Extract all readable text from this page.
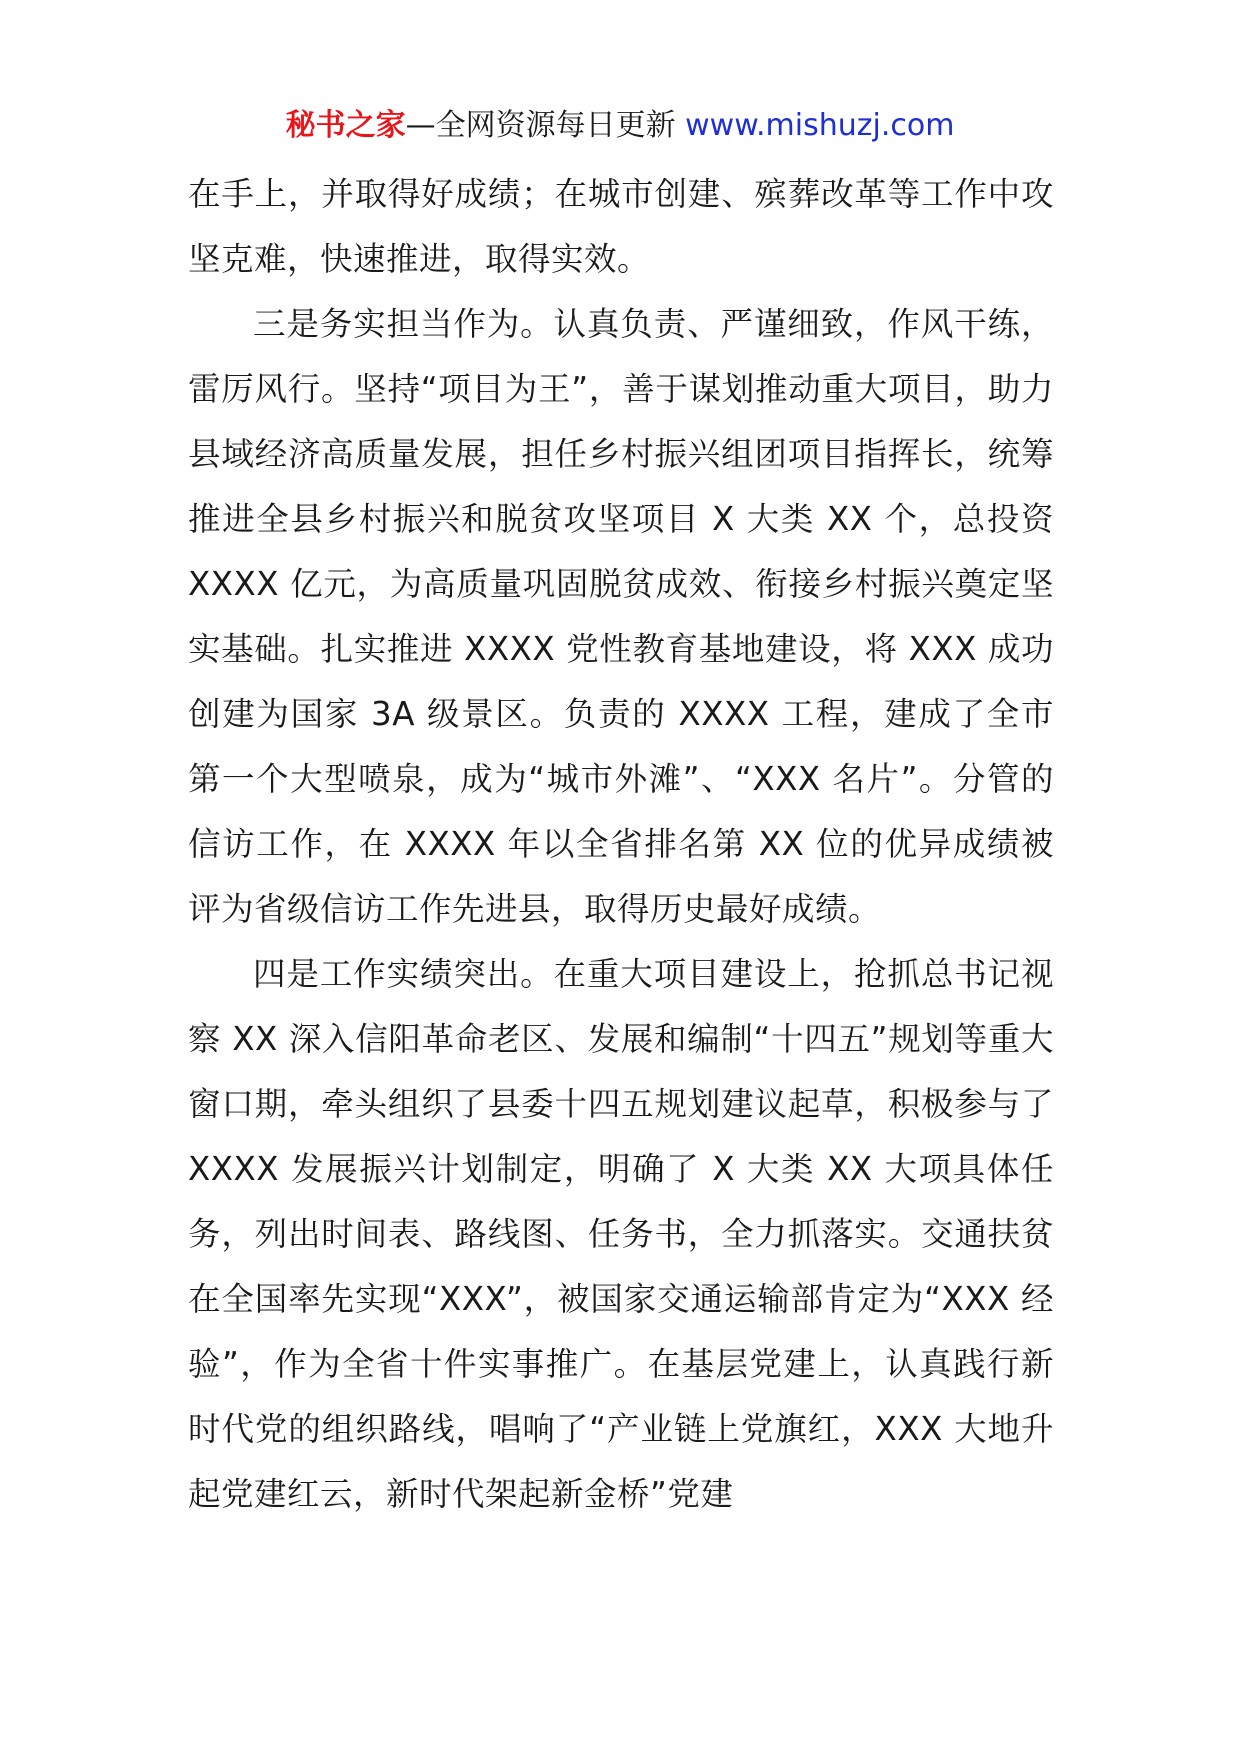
秘书之家—全网资源每日更新 www.mishuzj.com

在手上，并取得好成绩；在城市创建、殡葬改革等工作中攻坚克难，快速推进，取得实效。

三是务实担当作为。认真负责、严谨细致，作风干练，雷厉风行。坚持“项目为王”，善于谋划推动重大项目，助力县域经济高质量发展，担任乡村振兴组团项目指挥长，统筹推进全县乡村振兴和脱贫攻坚项目 X 大类 XX 个，总投资 XXXX 亿元，为高质量巩固脱贫成效、衔接乡村振兴奠定坚实基础。扎实推进 XXXX 党性教育基地建设，将 XXX 成功创建为国家 3A 级景区。负责的 XXXX 工程，建成了全市第一个大型喷泉，成为“城市外滩”、“XXX 名片”。分管的信访工作，在 XXXX 年以全省排名第 XX 位的优异成绩被评为省级信访工作先进县，取得历史最好成绩。

四是工作实绩突出。在重大项目建设上，抢抓总书记视察 XX 深入信阳革命老区、发展和编制“十四五”规划等重大窗口期，牵头组织了县委十四五规划建议起草，积极参与了 XXXX 发展振兴计划制定，明确了 X 大类 XX 大项具体任务，列出时间表、路线图、任务书，全力抓落实。交通扶贫在全国率先实现“XXX”，被国家交通运输部肯定为“XXX 经验”，作为全省十件实事推广。在基层党建上，认真践行新时代党的组织路线，唱响了“产业链上党旗红，XXX 大地升起党建红云，新时代架起新金桥”党建
